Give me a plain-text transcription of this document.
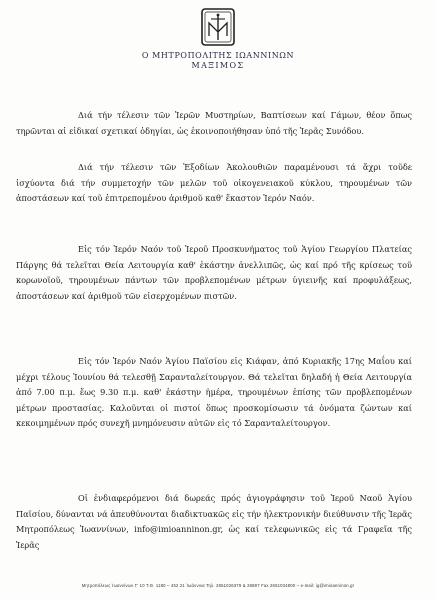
Ο ΜΗΤΡΟΠΟΛΙΤΗΣ ΙΩΑΝΝΙΝΩΝ
ΜΑΞΙΜΟΣ

Διά τήν τέλεσιν τῶν Ἱερῶν Μυστηρίων, Βαπτίσεων καί Γάμων, θέον ὅπως τηρῶνται αἱ εἰδικαί σχετικαί ὁδηγίαι, ὡς ἐκοινοποιήθησαν ὑπό τῆς Ἱερᾶς Συνόδου.

Διά τήν τέλεσιν τῶν Ἐξοδίων Ἀκολουθιῶν παραμένουσι τά ἄχρι τοῦδε ἰσχύοντα διά τήν συμμετοχήν τῶν μελῶν τοῦ οἰκογενειακοῦ κύκλου, τηρουμένων τῶν ἀποστάσεων καί τοῦ ἐπιτρεπομένου ἀριθμοῦ καθ' ἕκαστον Ἱερόν Ναόν.

Εἰς τόν Ἱερόν Ναόν τοῦ Ἱεροῦ Προσκυνήματος τοῦ Ἁγίου Γεωργίου Πλατείας Πάργης θά τελεῖται Θεία Λειτουργία καθ' ἑκάστην ἀνελλιπῶς, ὡς καί πρό τῆς κρίσεως τοῦ κορωνοϊοῦ, τηρουμένων πάντων τῶν προβλεπομένων μέτρων ὑγιεινῆς καί προφυλάξεως, ἀποστάσεων καί ἀριθμοῦ τῶν εἰσερχομένων πιστῶν.

Εἰς τόν Ἱερόν Ναόν Ἁγίου Παϊσίου εἰς Κιάφαν, ἀπό Κυριακῆς 17ης Μαΐου καί μέχρι τέλους Ἰουνίου θά τελεσθῇ Σαρανταλείτουργον. Θά τελεῖται δηλαδή ἡ Θεία Λειτουργία ἀπό 7.00 π.μ. ἕως 9.30 π.μ. καθ' ἑκάστην ἡμέρα, τηρουμένων ἐπίσης τῶν προβλεπομένων μέτρων προστασίας. Καλοῦνται οἱ πιστοί ὅπως προσκομίσωσιν τά ὀνόματα ζώντων καί κεκοιμημένων πρός συνεχῆ μνημόνευσιν αὐτῶν εἰς τό Σαρανταλείτουργον.

Οἱ ἐνδιαφερόμενοι διά δωρεάς πρός ἁγιογράφησιν τοῦ Ἱεροῦ Ναοῦ Ἁγίου Παϊσίου, δύνανται νά ἀπευθύνονται διαδικτυακῶς εἰς τήν ἠλεκτρονικήν διεύθυνσιν τῆς Ἱερᾶς Μητροπόλεως Ἰωαννίνων, info@imioanninon.gr, ὡς καί τελεφωνικῶς εἰς τά Γραφεῖα τῆς Ἱερᾶς

Μητροπόλεως Ἰωαννίνων Γ' 10 Τ.Θ. 1180 – 452 21 Ἰωάννινα Τηλ. 2651026379 & 26897 Fax 2651034800 – e-mail: ig@imioanninon.gr
